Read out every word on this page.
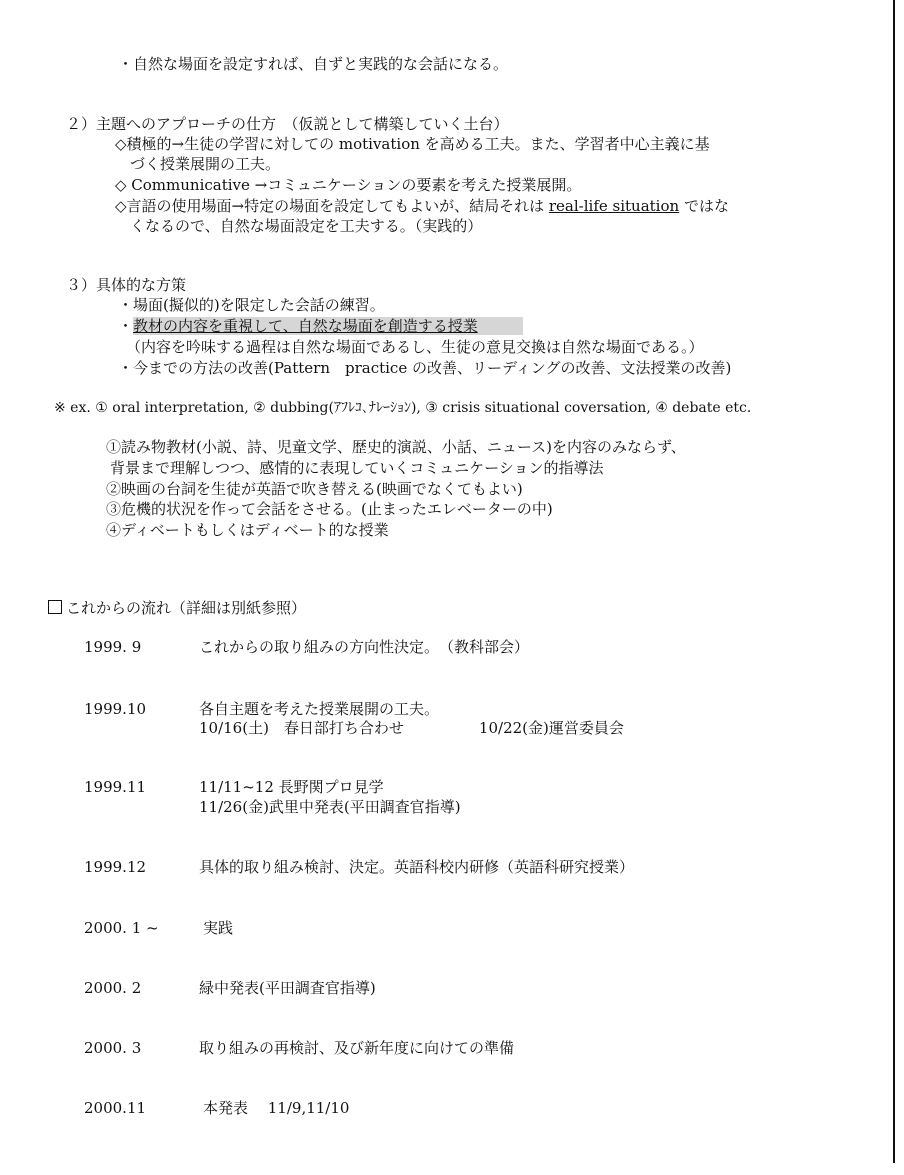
・自然な場面を設定すれば、自ずと実践的な会話になる。
２）主題へのアプローチの仕方　（仮説として構築していく土台）
◇積極的→生徒の学習に対しての motivation を高める工夫。また、学習者中心主義に基
づく授業展開の工夫。
◇ Communicative →コミュニケーションの要素を考えた授業展開。
◇言語の使用場面→特定の場面を設定してもよいが、結局それは real-life situation ではな
くなるので、自然な場面設定を工夫する。（実践的）
３）具体的な方策
・場面(擬似的)を限定した会話の練習。
・教材の内容を重視して、自然な場面を創造する授業　　　
（内容を吟味する過程は自然な場面であるし、生徒の意見交換は自然な場面である。）
・今までの方法の改善(Pattern　practice の改善、リーディングの改善、文法授業の改善)
※ ex. ① oral interpretation, ② dubbing(ｱﾌﾚｺ､ﾅﾚｰｼｮﾝ), ③ crisis situational coversation, ④ debate etc.
①読み物教材(小説、詩、児童文学、歴史的演説、小話、ニュース)を内容のみならず、
背景まで理解しつつ、感情的に表現していくコミュニケーション的指導法
②映画の台詞を生徒が英語で吹き替える(映画でなくてもよい)
③危機的状況を作って会話をさせる。(止まったエレベーターの中)
④ディベートもしくはディベート的な授業
これからの流れ（詳細は別紙参照）
1999. 9	これからの取り組みの方向性決定。　（教科部会）
1999.10	各自主題を考えた授業展開の工夫。
10/16(土)　春日部打ち合わせ　　　　　10/22(金)運営委員会
1999.11	11/11~12 長野関プロ見学
11/26(金)武里中発表(平田調査官指導)
1999.12	具体的取り組み検討、決定。英語科校内研修（英語科研究授業）
2000. 1 ~	実践
2000. 2	緑中発表(平田調査官指導)
2000. 3	取り組みの再検討、及び新年度に向けての準備
2000.11	本発表　 11/9,11/10
